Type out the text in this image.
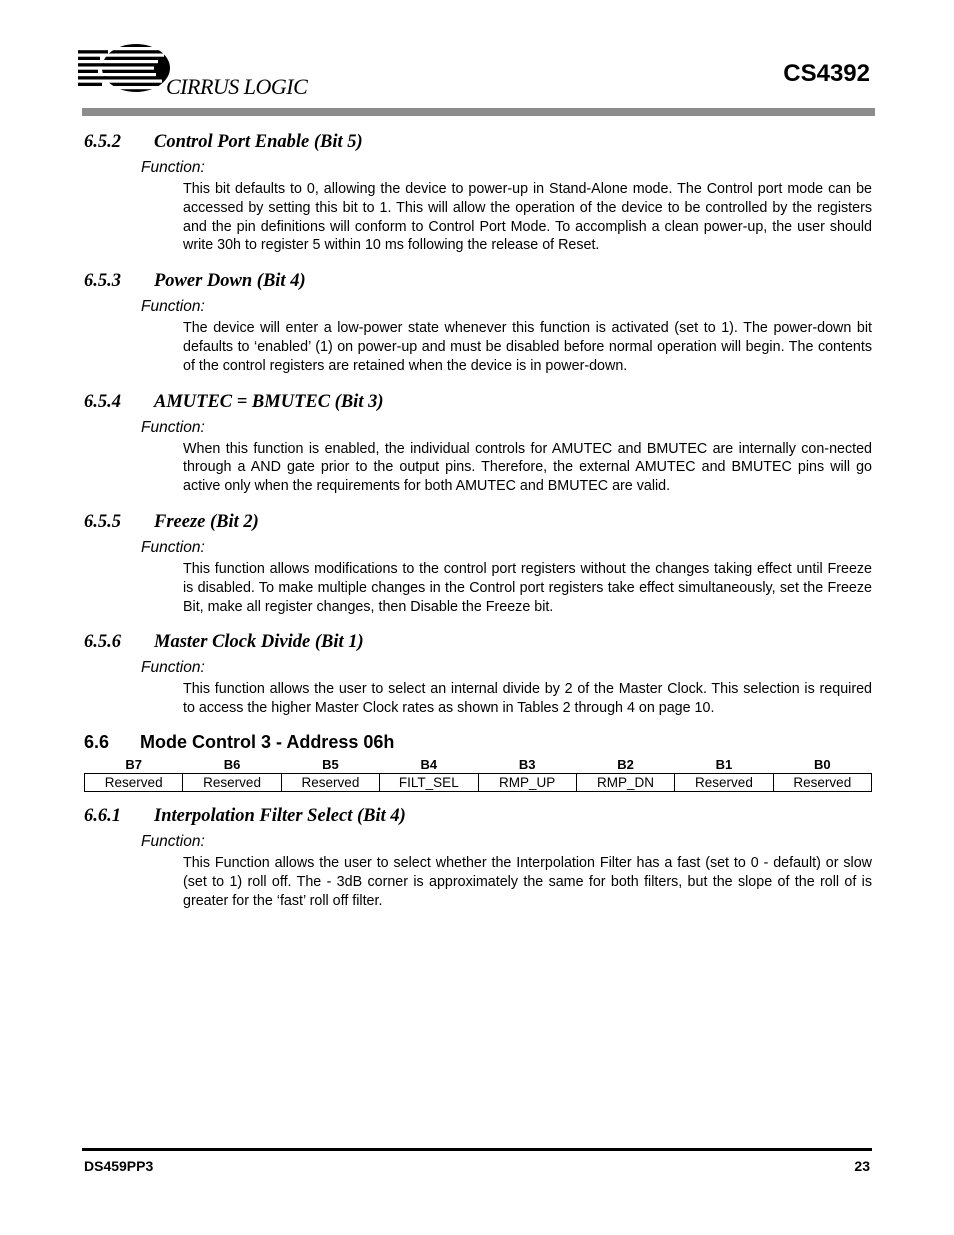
CIRRUS LOGIC	CS4392
6.5.2 Control Port Enable (Bit 5)
Function:

This bit defaults to 0, allowing the device to power-up in Stand-Alone mode. The Control port mode can be accessed by setting this bit to 1. This will allow the operation of the device to be controlled by the registers and the pin definitions will conform to Control Port Mode. To accomplish a clean power-up, the user should write 30h to register 5 within 10 ms following the release of Reset.

6.5.3 Power Down (Bit 4)
Function:

The device will enter a low-power state whenever this function is activated (set to 1). The power-down bit defaults to ‘enabled’ (1) on power-up and must be disabled before normal operation will begin. The contents of the control registers are retained when the device is in power-down.

6.5.4 AMUTEC = BMUTEC (Bit 3)
Function:

When this function is enabled, the individual controls for AMUTEC and BMUTEC are internally con-nected through a AND gate prior to the output pins. Therefore, the external AMUTEC and BMUTEC pins will go active only when the requirements for both AMUTEC and BMUTEC are valid.

6.5.5 Freeze (Bit 2)
Function:

This function allows modifications to the control port registers without the changes taking effect until Freeze is disabled. To make multiple changes in the Control port registers take effect simultaneously, set the Freeze Bit, make all register changes, then Disable the Freeze bit.

6.5.6 Master Clock Divide (Bit 1)
Function:

This function allows the user to select an internal divide by 2 of the Master Clock. This selection is required to access the higher Master Clock rates as shown in Tables 2 through 4 on page 10.

6.6 Mode Control 3 - Address 06h
B7	B6	B5	B4	B3	B2	B1	B0
Reserved	Reserved	Reserved	FILT_SEL	RMP_UP	RMP_DN	Reserved	Reserved
6.6.1 Interpolation Filter Select (Bit 4)
Function:

This Function allows the user to select whether the Interpolation Filter has a fast (set to 0 - default) or slow (set to 1) roll off. The - 3dB corner is approximately the same for both filters, but the slope of the roll of is greater for the ‘fast’ roll off filter.

DS459PP3	23
